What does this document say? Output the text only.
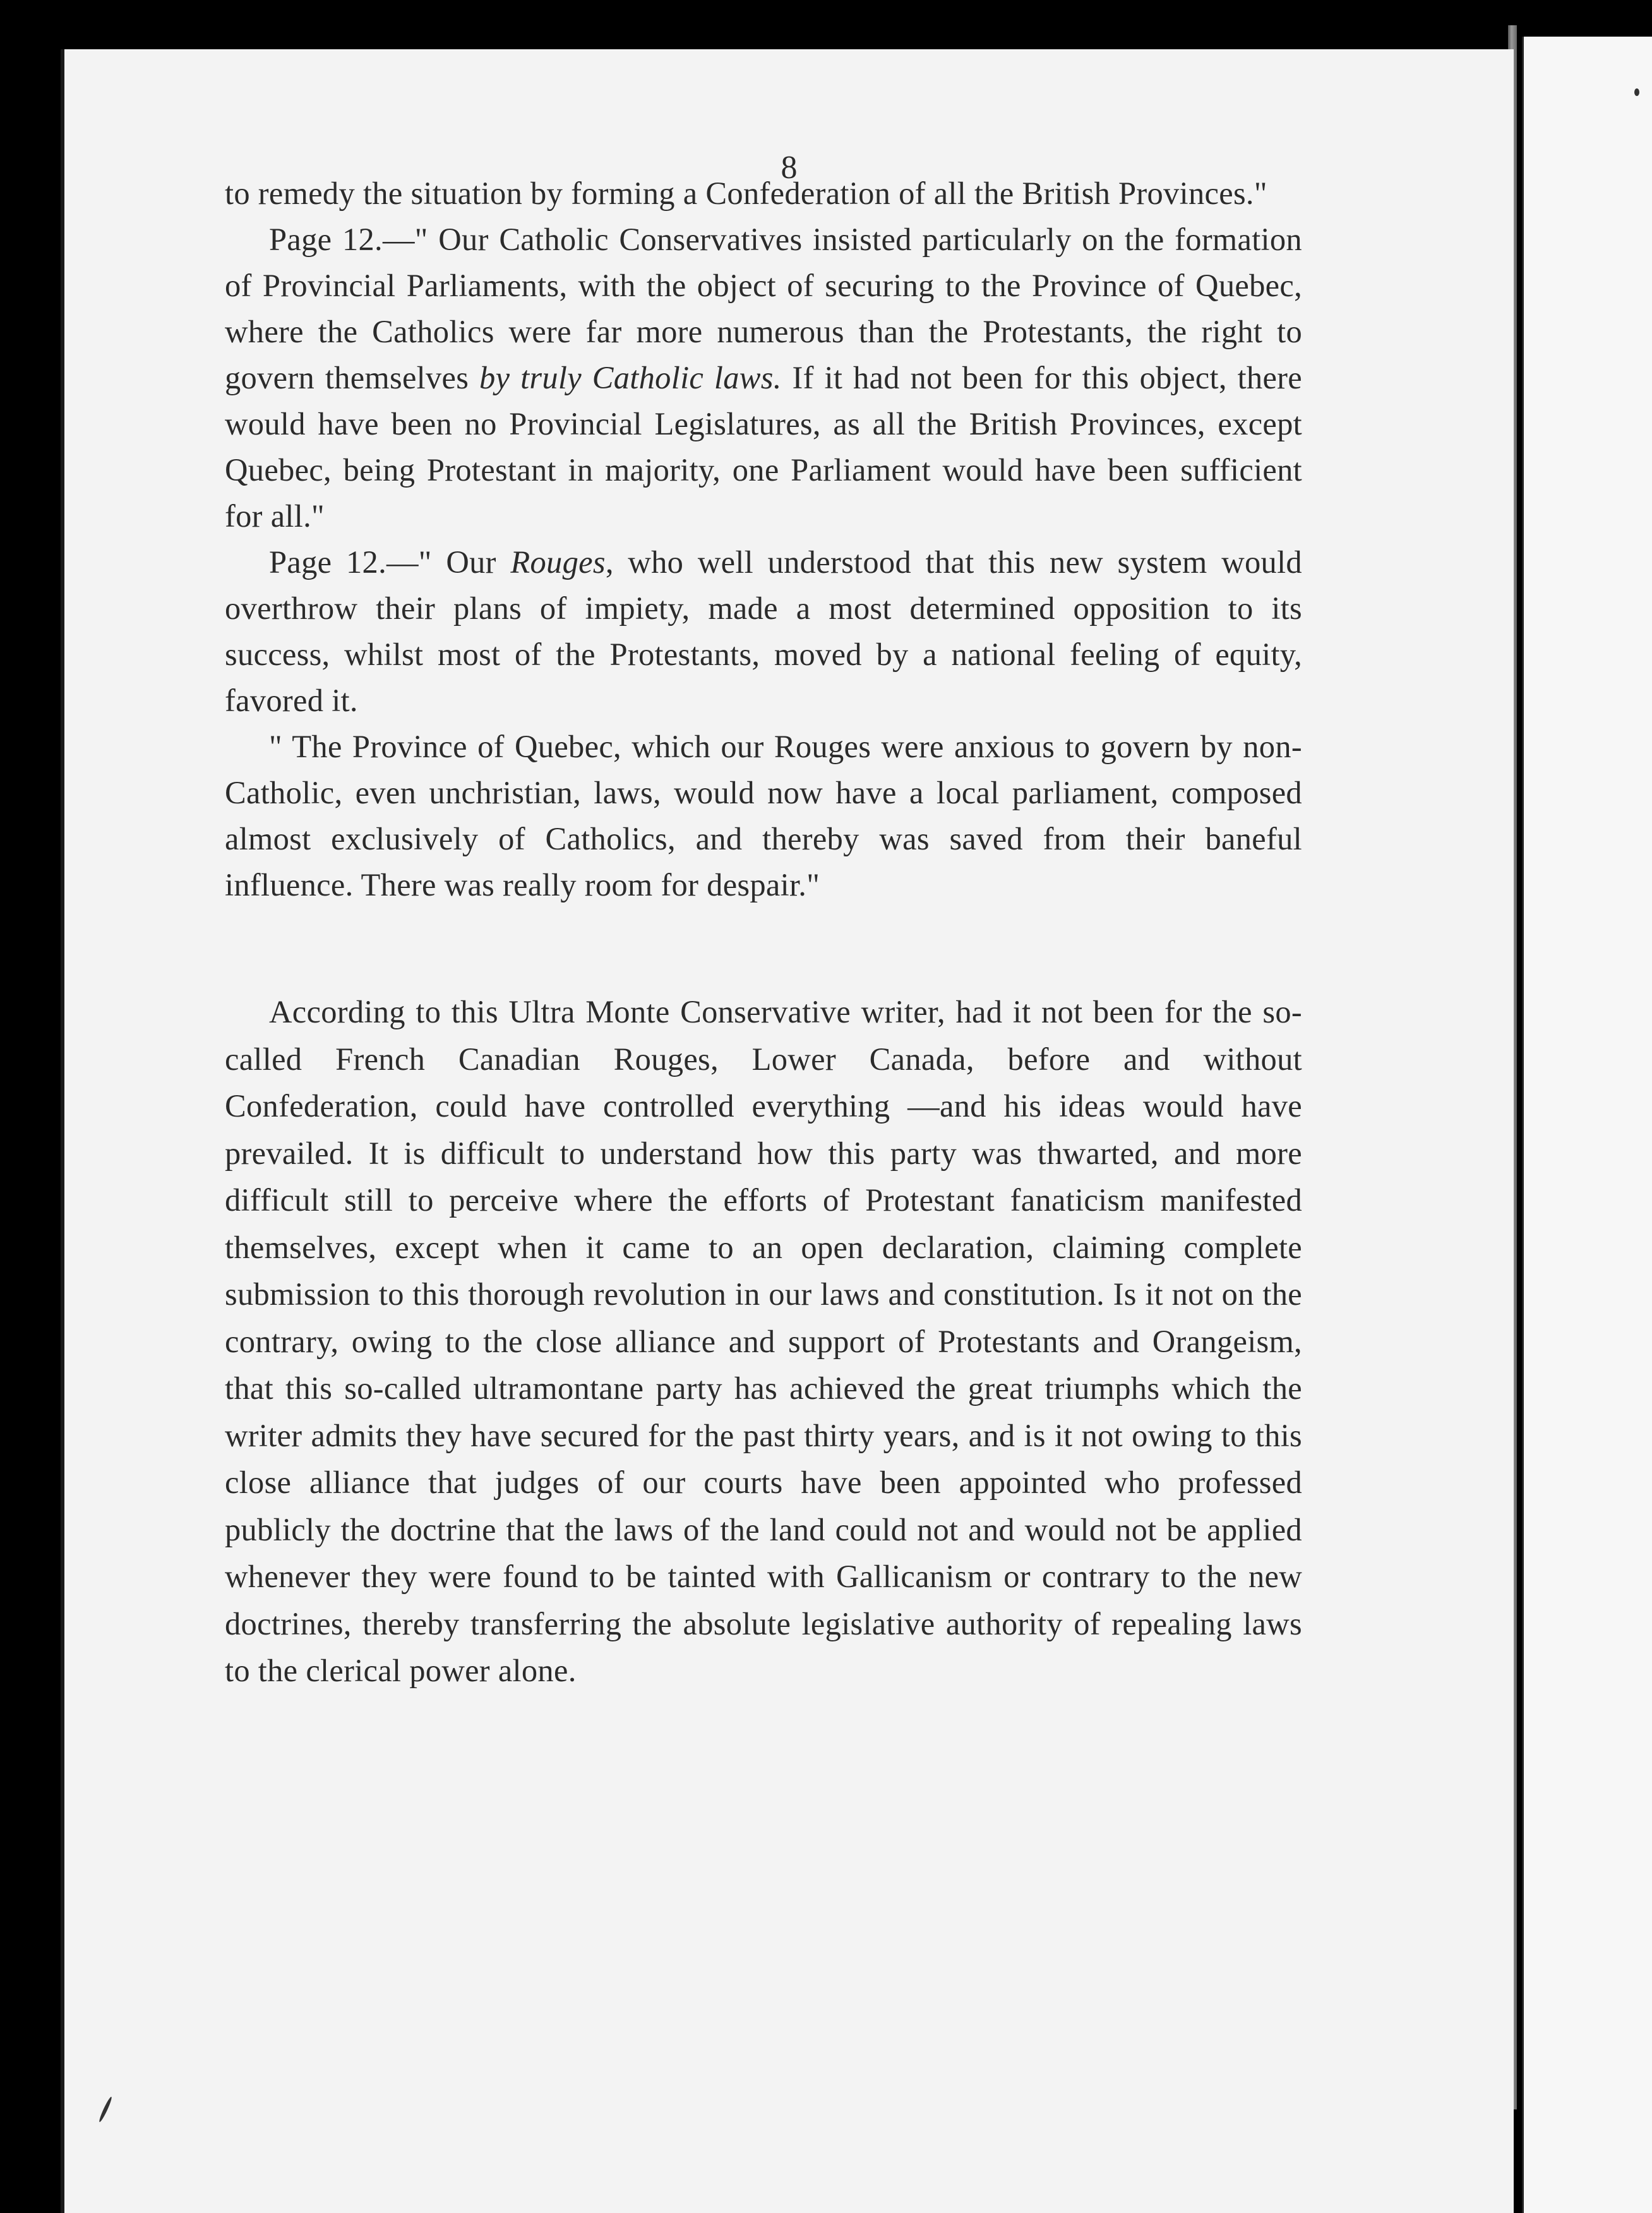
8

to remedy the situation by forming a Confederation of all the British Provinces."

Page 12.—" Our Catholic Conservatives insisted particularly on the formation of Provincial Parliaments, with the object of securing to the Province of Quebec, where the Catholics were far more numerous than the Protestants, the right to govern themselves by truly Catholic laws. If it had not been for this object, there would have been no Provincial Legislatures, as all the British Provinces, except Quebec, being Protestant in majority, one Parliament would have been sufficient for all."

Page 12.—" Our Rouges, who well understood that this new system would overthrow their plans of impiety, made a most determined opposition to its success, whilst most of the Protestants, moved by a national feeling of equity, favored it.

" The Province of Quebec, which our Rouges were anxious to govern by non-Catholic, even unchristian, laws, would now have a local parliament, composed almost exclusively of Catholics, and thereby was saved from their baneful influence. There was really room for despair."

According to this Ultra Monte Conservative writer, had it not been for the so-called French Canadian Rouges, Lower Canada, before and without Confederation, could have controlled everything —and his ideas would have prevailed. It is difficult to understand how this party was thwarted, and more difficult still to perceive where the efforts of Protestant fanaticism manifested themselves, except when it came to an open declaration, claiming complete submission to this thorough revolution in our laws and constitution. Is it not on the contrary, owing to the close alliance and support of Protestants and Orangeism, that this so-called ultramontane party has achieved the great triumphs which the writer admits they have secured for the past thirty years, and is it not owing to this close alliance that judges of our courts have been appointed who professed publicly the doctrine that the laws of the land could not and would not be applied whenever they were found to be tainted with Gallicanism or contrary to the new doctrines, thereby transferring the absolute legislative authority of repealing laws to the clerical power alone.
